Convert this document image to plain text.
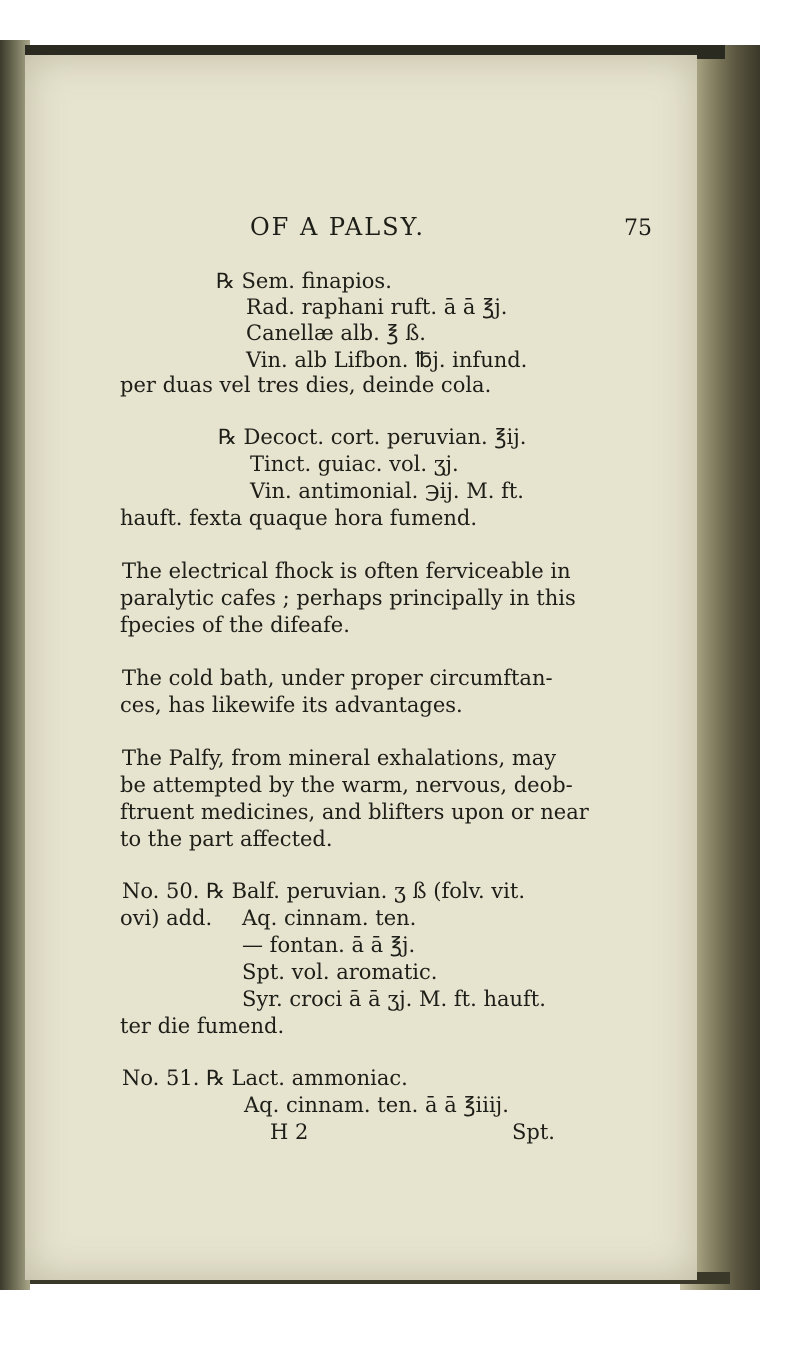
OF A PALSY.	75
℞ Sem. finapios.
Rad. raphani ruft. ā ā ℥j.
Canellæ alb. ℥ ß.
Vin. alb Lifbon. ℔j. infund.
per duas vel tres dies, deinde cola.
℞ Decoct. cort. peruvian. ℥ij.
Tinct. guiac. vol. ʒj.
Vin. antimonial. ℈ij. M. ft.
hauft. fexta quaque hora fumend.
The electrical fhock is often ferviceable in
paralytic cafes ; perhaps principally in this
fpecies of the difeafe.
The cold bath, under proper circumftan-
ces, has likewife its advantages.
The Palfy, from mineral exhalations, may
be attempted by the warm, nervous, deob-
ftruent medicines, and blifters upon or near
to the part affected.
No. 50. ℞ Balf. peruvian. ʒ ß (folv. vit.
ovi) add. Aq. cinnam. ten.
— fontan. ā ā ℥j.
Spt. vol. aromatic.
Syr. croci ā ā ʒj. M. ft. hauft.
ter die fumend.
No. 51. ℞ Lact. ammoniac.
Aq. cinnam. ten. ā ā ℥iiij.
H 2	Spt.
